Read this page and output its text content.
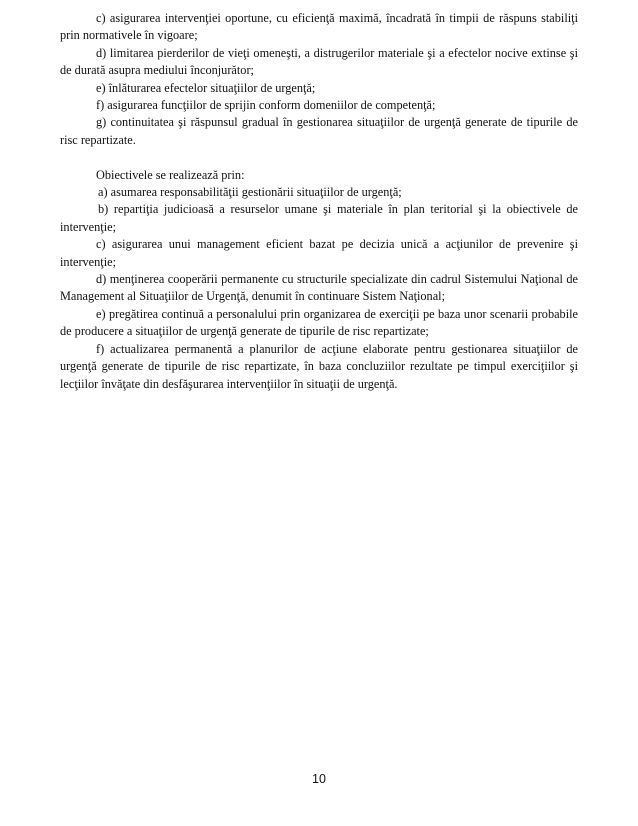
c) asigurarea intervenţiei oportune, cu eficienţă maximă, încadrată în timpii de răspuns stabiliţi prin normativele în vigoare;

d) limitarea pierderilor de vieţi omeneşti, a distrugerilor materiale şi a efectelor nocive extinse şi de durată asupra mediului înconjurător;

e) înlăturarea efectelor situaţiilor de urgenţă;

f) asigurarea funcţiilor de sprijin conform domeniilor de competenţă;

g) continuitatea şi răspunsul gradual în gestionarea situaţiilor de urgenţă generate de tipurile de risc repartizate.

Obiectivele se realizează prin:

a) asumarea responsabilităţii gestionării situaţiilor de urgenţă;

b) repartiţia judicioasă a resurselor umane şi materiale în plan teritorial şi la obiectivele de intervenţie;

c) asigurarea unui management eficient bazat pe decizia unică a acţiunilor de prevenire şi intervenţie;

d) menţinerea cooperării permanente cu structurile specializate din cadrul Sistemului Naţional de Management al Situaţiilor de Urgenţă, denumit în continuare Sistem Naţional;

e) pregătirea continuă a personalului prin organizarea de exerciţii pe baza unor scenarii probabile de producere a situaţiilor de urgenţă generate de tipurile de risc repartizate;

f) actualizarea permanentă a planurilor de acţiune elaborate pentru gestionarea situaţiilor de urgenţă generate de tipurile de risc repartizate, în baza concluziilor rezultate pe timpul exerciţiilor şi lecţiilor învăţate din desfăşurarea intervenţiilor în situaţii de urgenţă.

10
